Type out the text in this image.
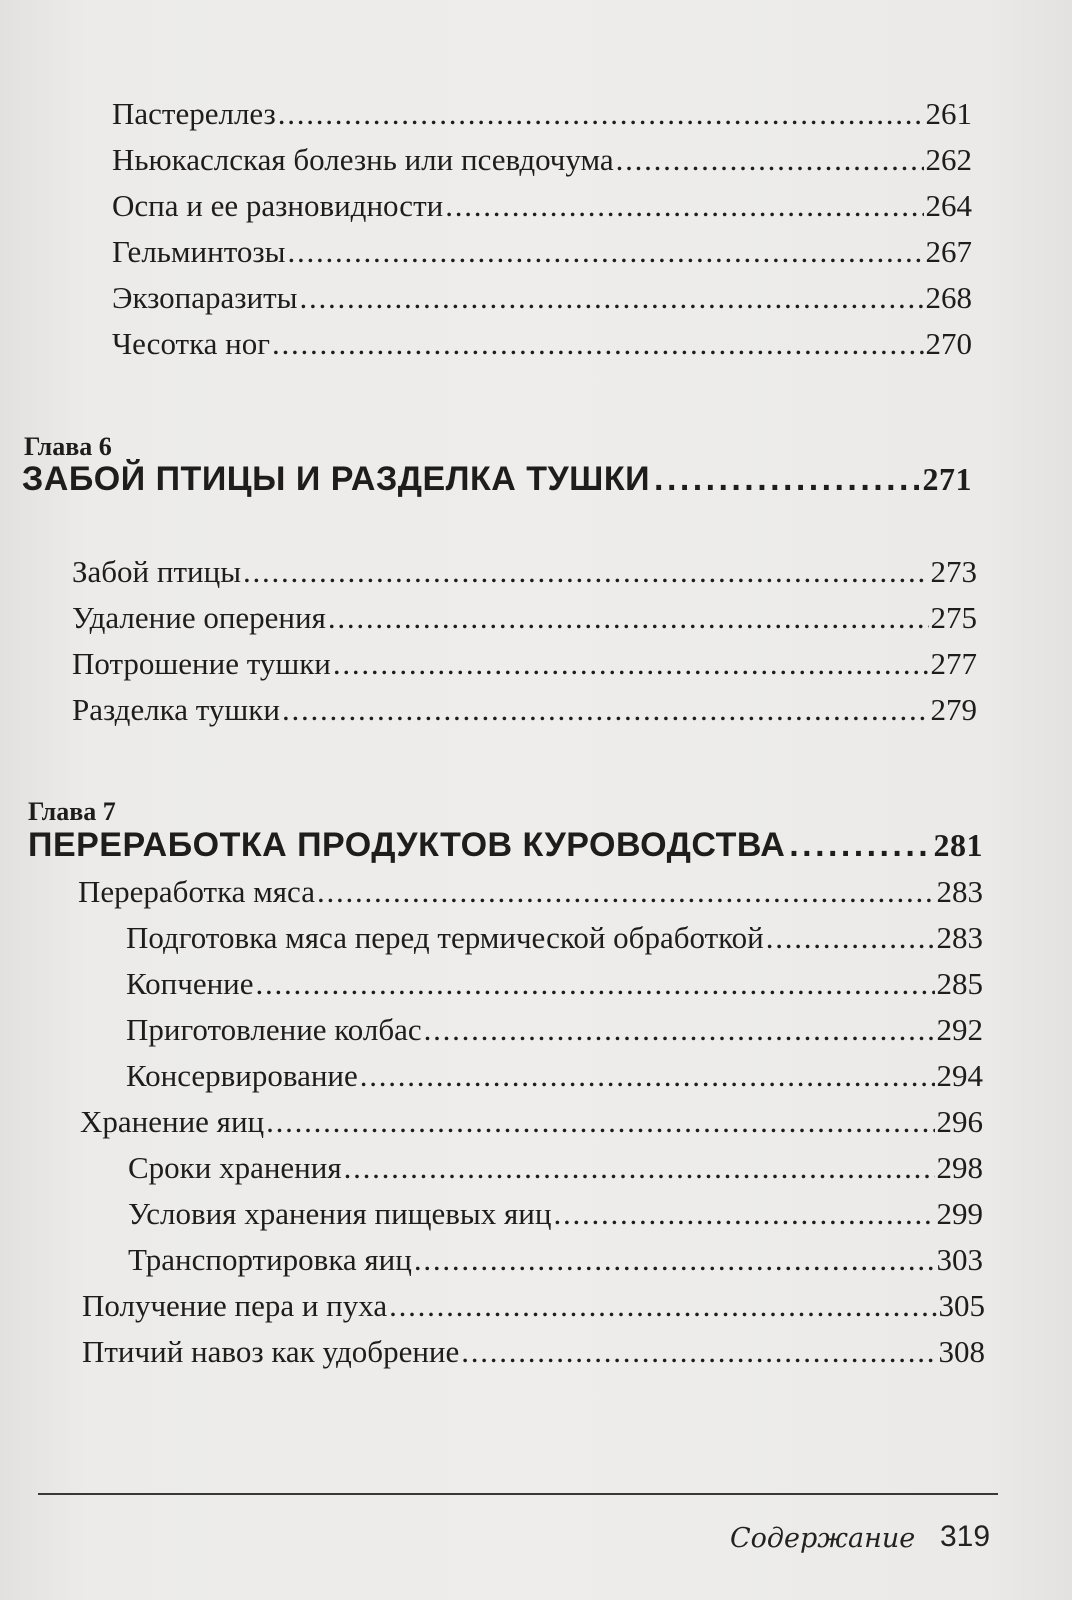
Пастереллез . . .	261
Ньюкаслская болезнь или псевдочума . . .	262
Оспа и ее разновидности . . .	264
Гельминтозы . . .	267
Экзопаразиты . . .	268
Чесотка ног . . .	270
Глава 6
ЗАБОЙ ПТИЦЫ И РАЗДЕЛКА ТУШКИ . . .	271
Забой птицы . . .	273
Удаление оперения . . .	275
Потрошение тушки . . .	277
Разделка тушки . . .	279
Глава 7
ПЕРЕРАБОТКА ПРОДУКТОВ КУРОВОДСТВА . . .	281
Переработка мяса . . .	283
Подготовка мяса перед термической обработкой . . .	283
Копчение . . .	285
Приготовление колбас . . .	292
Консервирование . . .	294
Хранение яиц . . .	296
Сроки хранения . . .	298
Условия хранения пищевых яиц . . .	299
Транспортировка яиц . . .	303
Получение пера и пуха . . .	305
Птичий навоз как удобрение . . .	308
Содержание 319
